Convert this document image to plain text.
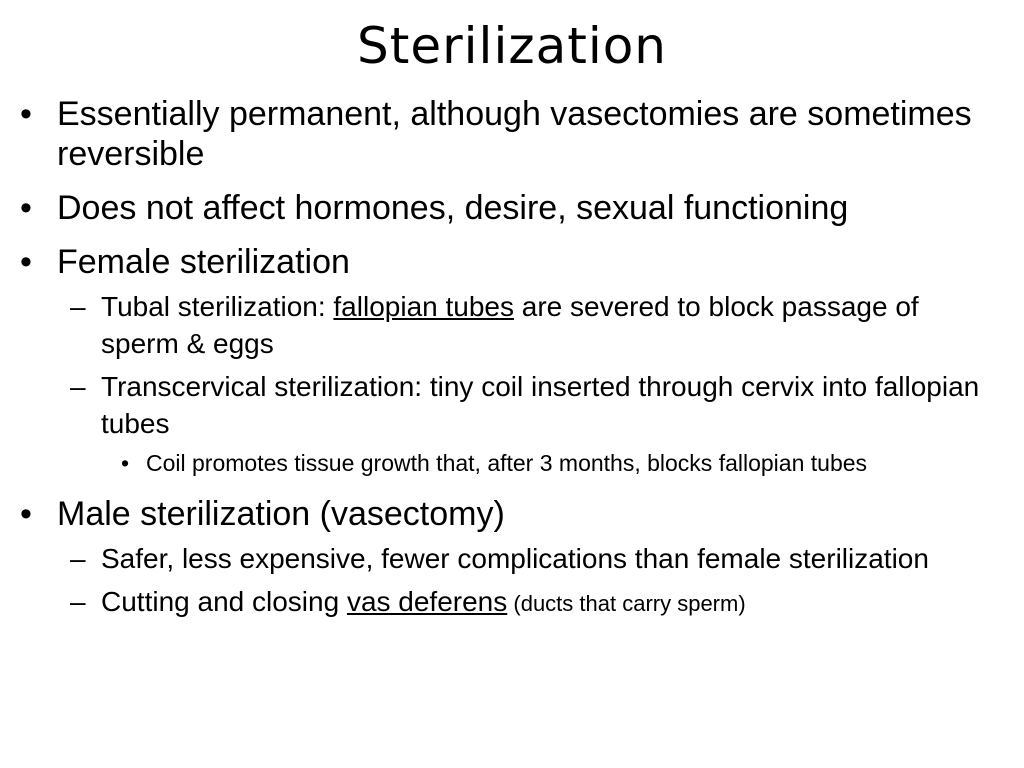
Sterilization
• Essentially permanent, although vasectomies are sometimes reversible
• Does not affect hormones, desire, sexual functioning
• Female sterilization
– Tubal sterilization: fallopian tubes are severed to block passage of sperm & eggs
– Transcervical sterilization: tiny coil inserted through cervix into fallopian tubes
• Coil promotes tissue growth that, after 3 months, blocks fallopian tubes
• Male sterilization (vasectomy)
– Safer, less expensive, fewer complications than female sterilization
– Cutting and closing vas deferens (ducts that carry sperm)
